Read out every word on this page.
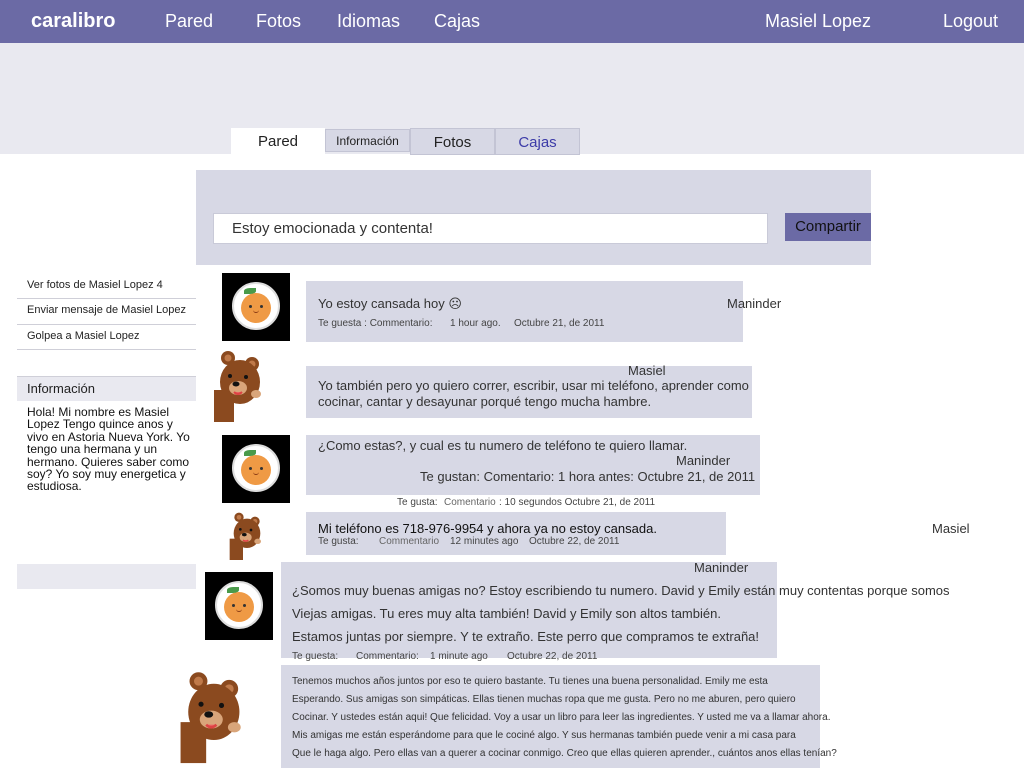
caralibro	Pared Fotos Idiomas Cajas	Masiel Lopez	Logout
Pared	Información	Fotos	Cajas
Estoy emocionada y contenta!	Compartir
Ver fotos de Masiel Lopez 4
Enviar mensaje de Masiel Lopez
Golpea a Masiel Lopez
Información
Hola! Mi nombre es Masiel Lopez Tengo quince anos y vivo en Astoria Nueva York. Yo tengo una hermana y un hermano. Quieres saber como soy? Yo soy muy energetica y estudiosa.
Yo estoy cansada hoy ☹	Maninder
Te guesta : Commentario: 1 hour ago. Octubre 21, de 2011
Masiel
Yo también pero yo quiero correr, escribir, usar mi teléfono, aprender como
cocinar, cantar y desayunar porqué tengo mucha hambre.
¿Como estas?, y cual es tu numero de teléfono te quiero llamar.
Maninder
Te gustan: Comentario: 1 hora antes: Octubre 21, de 2011
Te gusta: Comentario : 10 segundos Octubre 21, de 2011
Mi teléfono es 718-976-9954 y ahora ya no estoy cansada.	Masiel
Te gusta: Commentario 12 minutes ago Octubre 22, de 2011
Maninder
¿Somos muy buenas amigas no? Estoy escribiendo tu numero. David y Emily están muy contentas porque somos
Viejas amigas. Tu eres muy alta también! David y Emily son altos también.
Estamos juntas por siempre. Y te extraño. Este perro que compramos te extraña!
Te guesta: Commentario: 1 minute ago Octubre 22, de 2011
Tenemos muchos años juntos por eso te quiero bastante. Tu tienes una buena personalidad. Emily me esta
Esperando. Sus amigas son simpáticas. Ellas tienen muchas ropa que me gusta. Pero no me aburen, pero quiero
Cocinar. Y ustedes están aqui! Que felicidad. Voy a usar un libro para leer las ingredientes. Y usted me va a llamar ahora.
Mis amigas me están esperándome para que le cociné algo. Y sus hermanas también puede venir a mi casa para
Que le haga algo. Pero ellas van a querer a cocinar conmigo. Creo que ellas quieren aprender., cuántos anos ellas tenían?
